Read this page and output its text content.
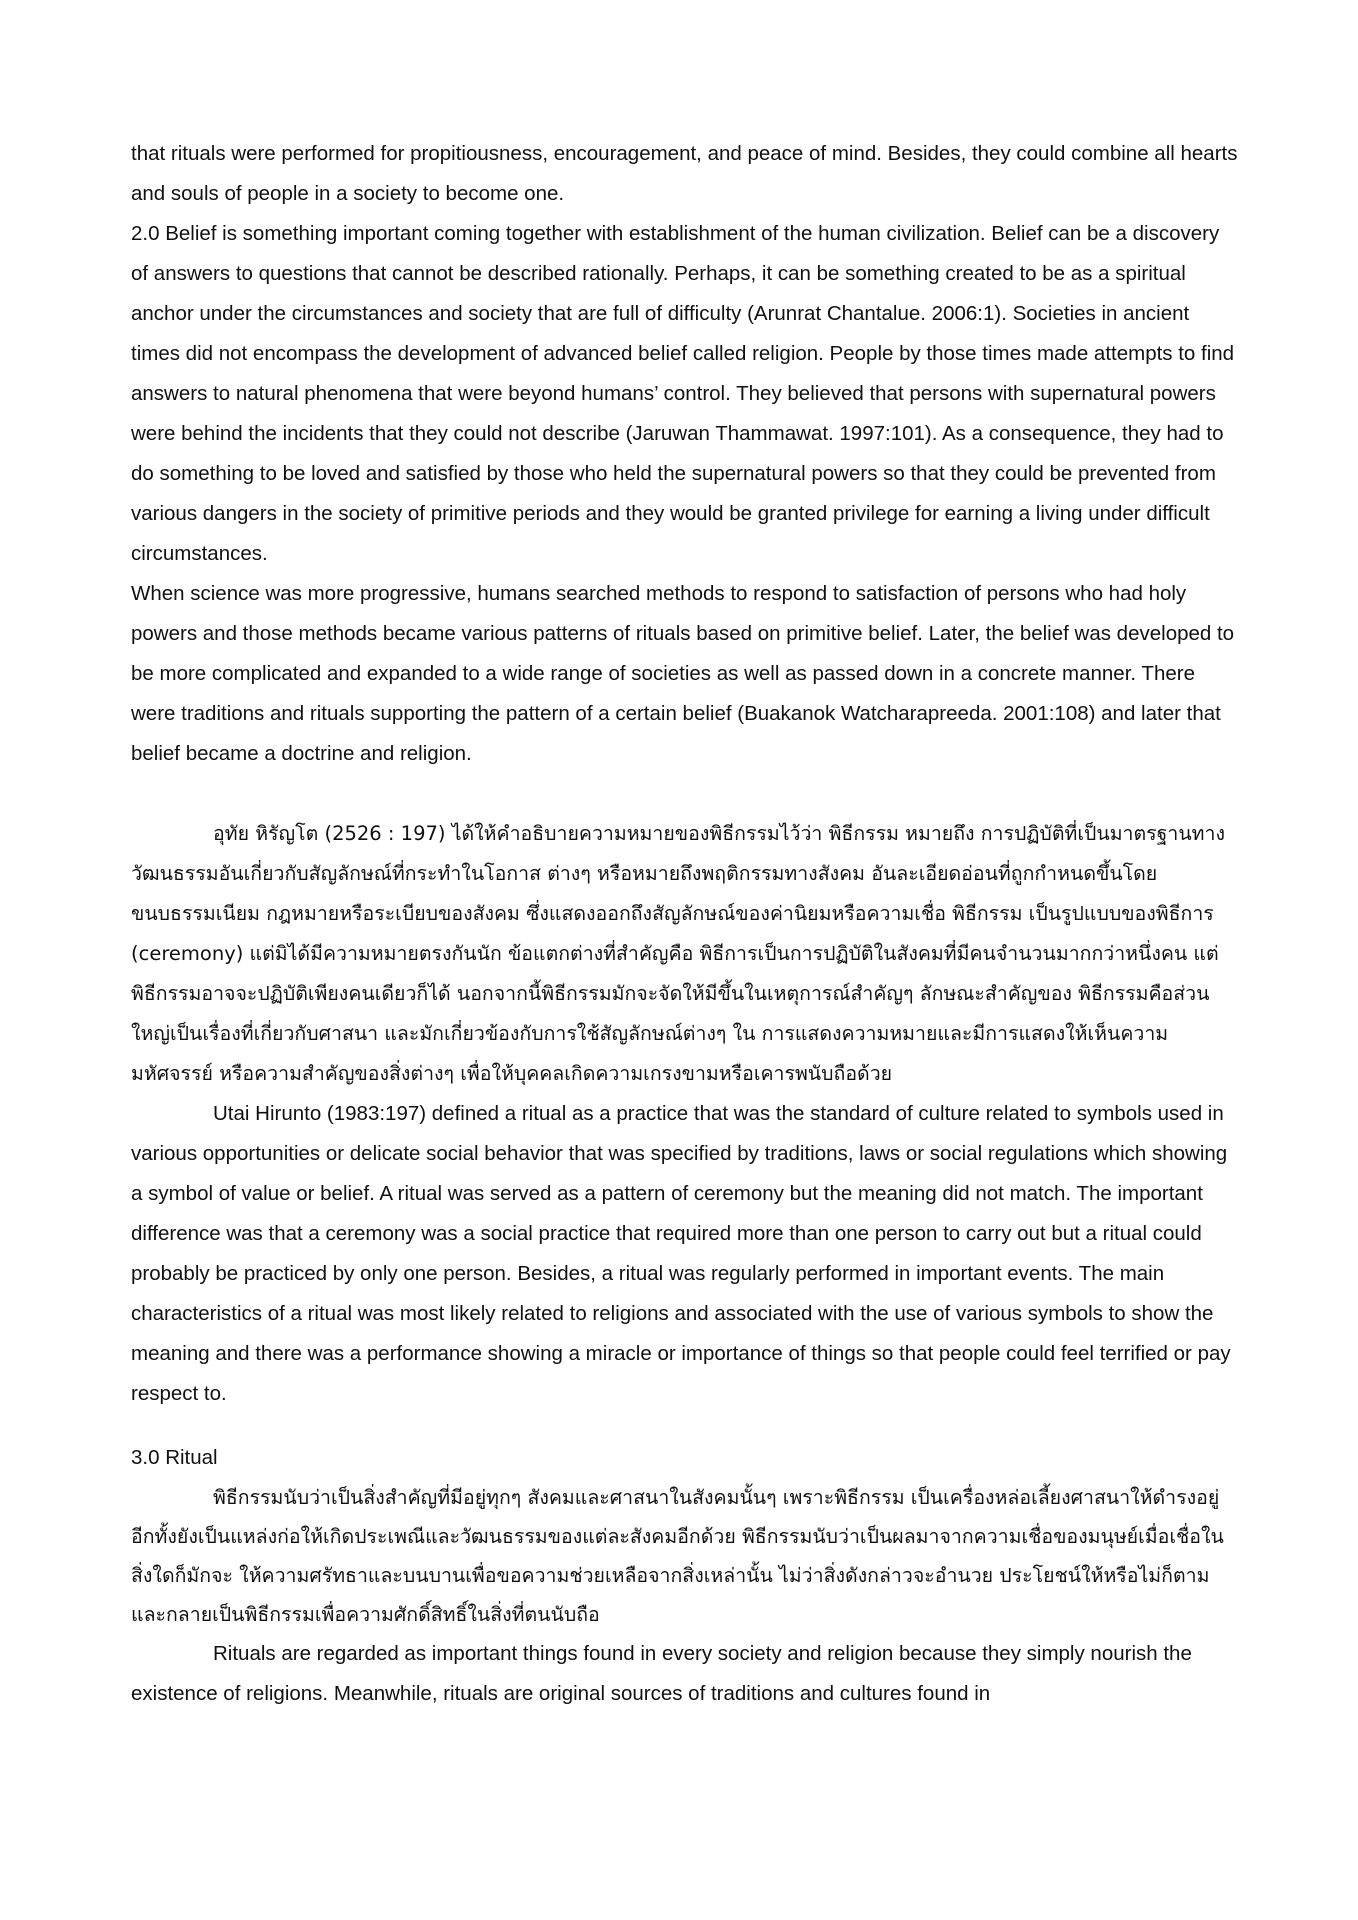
that rituals were performed for propitiousness, encouragement, and peace of mind. Besides, they could combine all hearts and souls of people in a society to become one.

2.0 Belief is something important coming together with establishment of the human civilization. Belief can be a discovery of answers to questions that cannot be described rationally. Perhaps, it can be something created to be as a spiritual anchor under the circumstances and society that are full of difficulty (Arunrat Chantalue. 2006:1). Societies in ancient times did not encompass the development of advanced belief called religion. People by those times made attempts to find answers to natural phenomena that were beyond humans’ control. They believed that persons with supernatural powers were behind the incidents that they could not describe (Jaruwan Thammawat. 1997:101). As a consequence, they had to do something to be loved and satisfied by those who held the supernatural powers so that they could be prevented from various dangers in the society of primitive periods and they would be granted privilege for earning a living under difficult circumstances.

When science was more progressive, humans searched methods to respond to satisfaction of persons who had holy powers and those methods became various patterns of rituals based on primitive belief. Later, the belief was developed to be more complicated and expanded to a wide range of societies as well as passed down in a concrete manner. There were traditions and rituals supporting the pattern of a certain belief (Buakanok Watcharapreeda. 2001:108) and later that belief became a doctrine and religion.

อุทัย หิรัญโต (2526 : 197) ได้ให้คำอธิบายความหมายของพิธีกรรมไว้ว่า พิธีกรรม หมายถึง การปฏิบัติที่เป็นมาตรฐานทางวัฒนธรรมอันเกี่ยวกับสัญลักษณ์ที่กระทำในโอกาส ต่างๆ หรือหมายถึงพฤติกรรมทางสังคม อันละเอียดอ่อนที่ถูกกำหนดขึ้นโดยขนบธรรมเนียม กฎหมายหรือระเบียบของสังคม ซึ่งแสดงออกถึงสัญลักษณ์ของค่านิยมหรือความเชื่อ พิธีกรรม เป็นรูปแบบของพิธีการ (ceremony) แต่มิได้มีความหมายตรงกันนัก ข้อแตกต่างที่สำคัญคือ พิธีการเป็นการปฏิบัติในสังคมที่มีคนจำนวนมากกว่าหนึ่งคน แต่พิธีกรรมอาจจะปฏิบัติเพียงคนเดียวก็ได้ นอกจากนี้พิธีกรรมมักจะจัดให้มีขึ้นในเหตุการณ์สำคัญๆ ลักษณะสำคัญของ พิธีกรรมคือส่วนใหญ่เป็นเรื่องที่เกี่ยวกับศาสนา และมักเกี่ยวข้องกับการใช้สัญลักษณ์ต่างๆ ใน การแสดงความหมายและมีการแสดงให้เห็นความมหัศจรรย์ หรือความสำคัญของสิ่งต่างๆ เพื่อให้บุคคลเกิดความเกรงขามหรือเคารพนับถือด้วย

Utai Hirunto (1983:197) defined a ritual as a practice that was the standard of culture related to symbols used in various opportunities or delicate social behavior that was specified by traditions, laws or social regulations which showing a symbol of value or belief. A ritual was served as a pattern of ceremony but the meaning did not match. The important difference was that a ceremony was a social practice that required more than one person to carry out but a ritual could probably be practiced by only one person. Besides, a ritual was regularly performed in important events. The main characteristics of a ritual was most likely related to religions and associated with the use of various symbols to show the meaning and there was a performance showing a miracle or importance of things so that people could feel terrified or pay respect to.

3.0 Ritual

พิธีกรรมนับว่าเป็นสิ่งสำคัญที่มีอยู่ทุกๆ สังคมและศาสนาในสังคมนั้นๆ เพราะพิธีกรรม เป็นเครื่องหล่อเลี้ยงศาสนาให้ดำรงอยู่ อีกทั้งยังเป็นแหล่งก่อให้เกิดประเพณีและวัฒนธรรมของแต่ละสังคมอีกด้วย พิธีกรรมนับว่าเป็นผลมาจากความเชื่อของมนุษย์เมื่อเชื่อในสิ่งใดก็มักจะ ให้ความศรัทธาและบนบานเพื่อขอความช่วยเหลือจากสิ่งเหล่านั้น ไม่ว่าสิ่งดังกล่าวจะอำนวย ประโยชน์ให้หรือไม่ก็ตาม และกลายเป็นพิธีกรรมเพื่อความศักดิ์สิทธิ์ในสิ่งที่ตนนับถือ

Rituals are regarded as important things found in every society and religion because they simply nourish the existence of religions. Meanwhile, rituals are original sources of traditions and cultures found in
